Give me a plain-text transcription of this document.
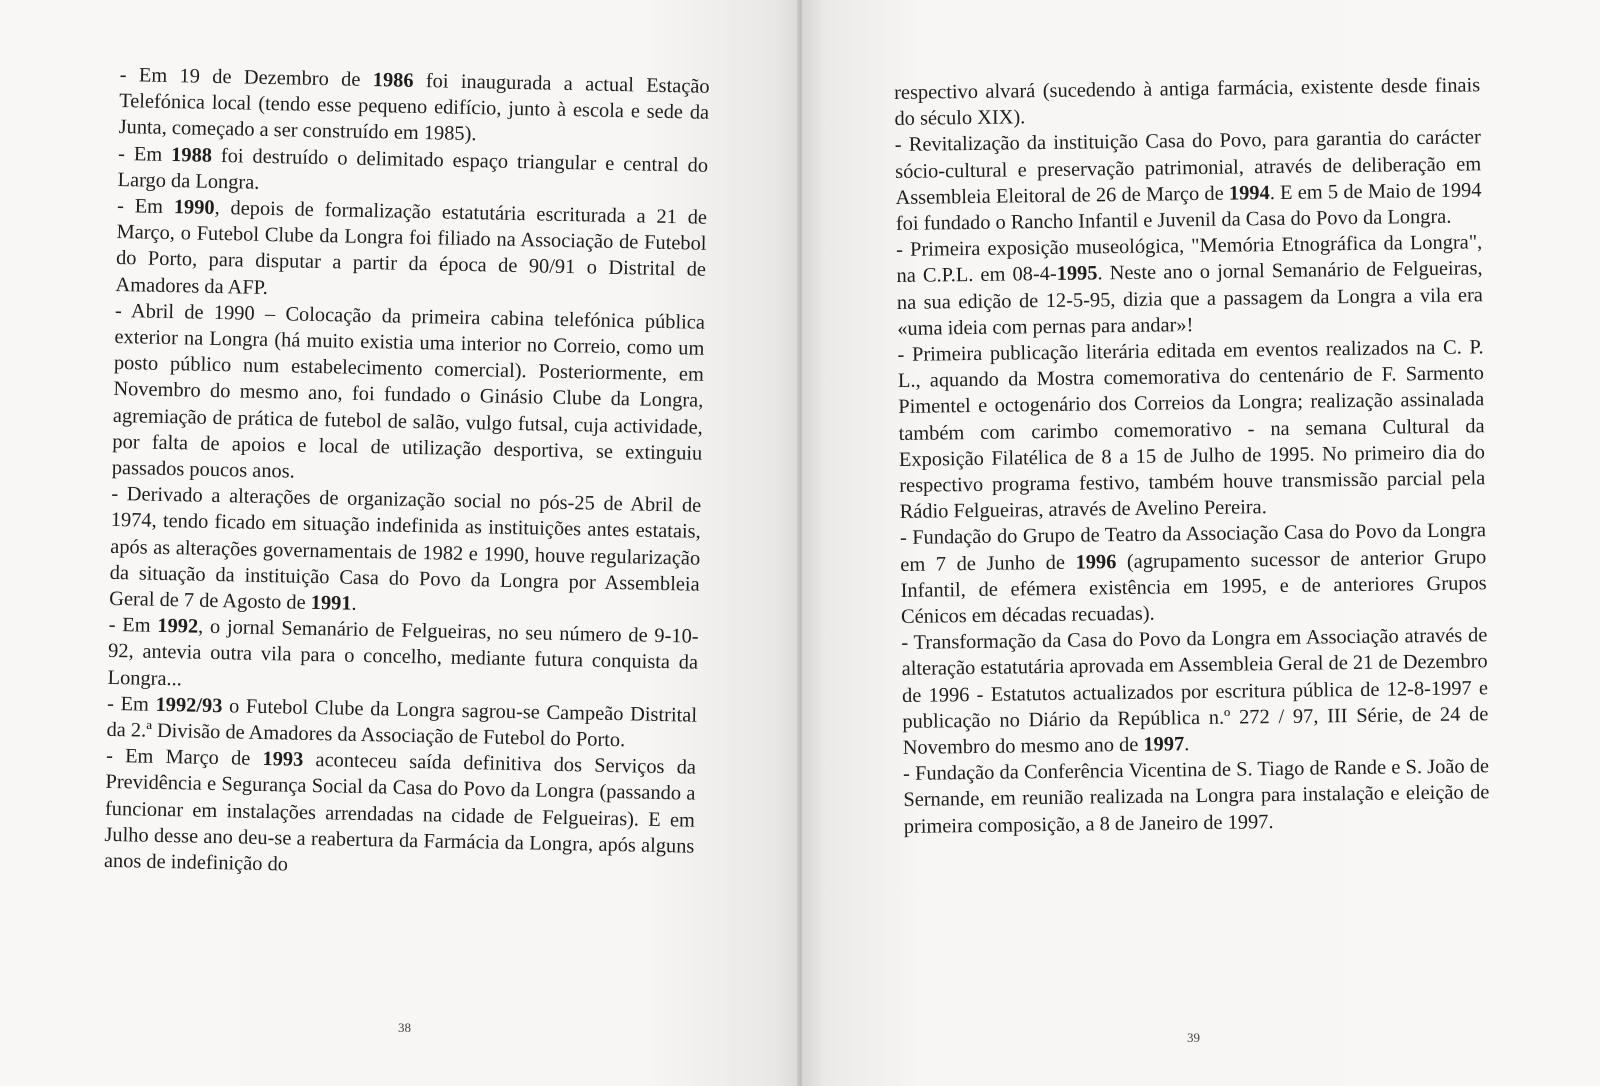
- Em 19 de Dezembro de 1986 foi inaugurada a actual Estação Telefónica local (tendo esse pequeno edifício, junto à escola e sede da Junta, começado a ser construído em 1985).

- Em 1988 foi destruído o delimitado espaço triangular e central do Largo da Longra.

- Em 1990, depois de formalização estatutária escriturada a 21 de Março, o Futebol Clube da Longra foi filiado na Associação de Futebol do Porto, para disputar a partir da época de 90/91 o Distrital de Amadores da AFP.

- Abril de 1990 – Colocação da primeira cabina telefónica pública exterior na Longra (há muito existia uma interior no Correio, como um posto público num estabelecimento comercial). Posteriormente, em Novembro do mesmo ano, foi fundado o Ginásio Clube da Longra, agremiação de prática de futebol de salão, vulgo futsal, cuja actividade, por falta de apoios e local de utilização desportiva, se extinguiu passados poucos anos.

- Derivado a alterações de organização social no pós-25 de Abril de 1974, tendo ficado em situação indefinida as instituições antes estatais, após as alterações governamentais de 1982 e 1990, houve regularização da situação da instituição Casa do Povo da Longra por Assembleia Geral de 7 de Agosto de 1991.

- Em 1992, o jornal Semanário de Felgueiras, no seu número de 9-10-92, antevia outra vila para o concelho, mediante futura conquista da Longra...

- Em 1992/93 o Futebol Clube da Longra sagrou-se Campeão Distrital da 2.ª Divisão de Amadores da Associação de Futebol do Porto.

- Em Março de 1993 aconteceu saída definitiva dos Serviços da Previdência e Segurança Social da Casa do Povo da Longra (passando a funcionar em instalações arrendadas na cidade de Felgueiras). E em Julho desse ano deu-se a reabertura da Farmácia da Longra, após alguns anos de indefinição do

38

respectivo alvará (sucedendo à antiga farmácia, existente desde finais do século XIX).

- Revitalização da instituição Casa do Povo, para garantia do carácter sócio-cultural e preservação patrimonial, através de deliberação em Assembleia Eleitoral de 26 de Março de 1994. E em 5 de Maio de 1994 foi fundado o Rancho Infantil e Juvenil da Casa do Povo da Longra.

- Primeira exposição museológica, "Memória Etnográfica da Longra", na C.P.L. em 08-4-1995. Neste ano o jornal Semanário de Felgueiras, na sua edição de 12-5-95, dizia que a passagem da Longra a vila era «uma ideia com pernas para andar»!

- Primeira publicação literária editada em eventos realizados na C. P. L., aquando da Mostra comemorativa do centenário de F. Sarmento Pimentel e octogenário dos Correios da Longra; realização assinalada também com carimbo comemorativo - na semana Cultural da Exposição Filatélica de 8 a 15 de Julho de 1995. No primeiro dia do respectivo programa festivo, também houve transmissão parcial pela Rádio Felgueiras, através de Avelino Pereira.

- Fundação do Grupo de Teatro da Associação Casa do Povo da Longra em 7 de Junho de 1996 (agrupamento sucessor de anterior Grupo Infantil, de efémera existência em 1995, e de anteriores Grupos Cénicos em décadas recuadas).

- Transformação da Casa do Povo da Longra em Associação através de alteração estatutária aprovada em Assembleia Geral de 21 de Dezembro de 1996 - Estatutos actualizados por escritura pública de 12-8-1997 e publicação no Diário da República n.º 272 / 97, III Série, de 24 de Novembro do mesmo ano de 1997.

- Fundação da Conferência Vicentina de S. Tiago de Rande e S. João de Sernande, em reunião realizada na Longra para instalação e eleição de primeira composição, a 8 de Janeiro de 1997.

39
